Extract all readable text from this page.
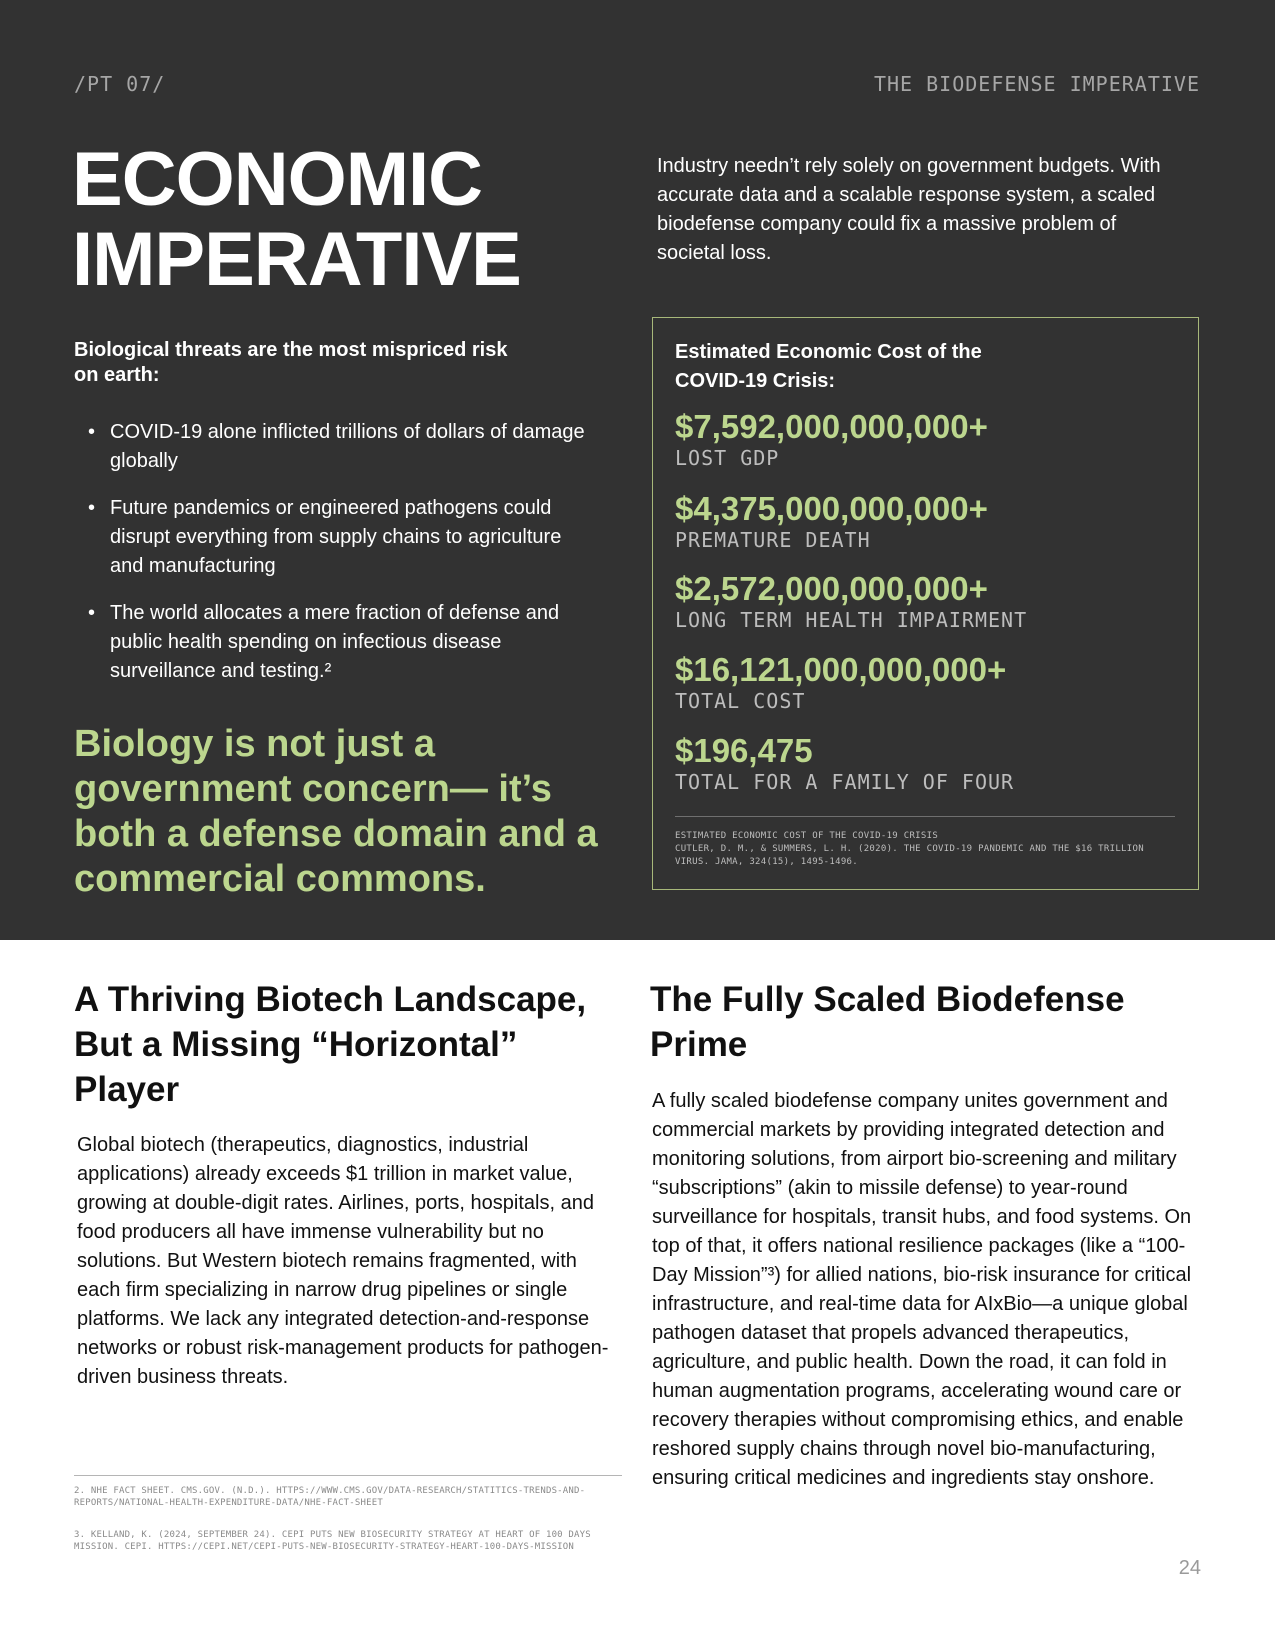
/PT 07/	THE BIODEFENSE IMPERATIVE
ECONOMIC
IMPERATIVE

Industry needn’t rely solely on government budgets. With accurate data and a scalable response system, a scaled biodefense company could fix a massive problem of societal loss.

Biological threats are the most mispriced risk on earth:

• COVID-19 alone inflicted trillions of dollars of damage globally
• Future pandemics or engineered pathogens could disrupt everything from supply chains to agriculture and manufacturing
• The world allocates a mere fraction of defense and public health spending on infectious disease surveillance and testing.²

Biology is not just a government concern— it’s both a defense domain and a commercial commons.

Estimated Economic Cost of the COVID-19 Crisis:

$7,592,000,000,000+
LOST GDP
$4,375,000,000,000+
PREMATURE DEATH
$2,572,000,000,000+
LONG TERM HEALTH IMPAIRMENT
$16,121,000,000,000+
TOTAL COST
$196,475
TOTAL FOR A FAMILY OF FOUR

ESTIMATED ECONOMIC COST OF THE COVID-19 CRISIS
CUTLER, D. M., & SUMMERS, L. H. (2020). THE COVID-19 PANDEMIC AND THE $16 TRILLION VIRUS. JAMA, 324(15), 1495-1496.

A Thriving Biotech Landscape, But a Missing “Horizontal” Player

Global biotech (therapeutics, diagnostics, industrial applications) already exceeds $1 trillion in market value, growing at double-digit rates. Airlines, ports, hospitals, and food producers all have immense vulnerability but no solutions. But Western biotech remains fragmented, with each firm specializing in narrow drug pipelines or single platforms. We lack any integrated detection-and-response networks or robust risk-management products for pathogen-driven business threats.

The Fully Scaled Biodefense Prime

A fully scaled biodefense company unites government and commercial markets by providing integrated detection and monitoring solutions, from airport bio-screening and military “subscriptions” (akin to missile defense) to year-round surveillance for hospitals, transit hubs, and food systems. On top of that, it offers national resilience packages (like a “100-Day Mission”³) for allied nations, bio-risk insurance for critical infrastructure, and real-time data for AIxBio—a unique global pathogen dataset that propels advanced therapeutics, agriculture, and public health. Down the road, it can fold in human augmentation programs, accelerating wound care or recovery therapies without compromising ethics, and enable reshored supply chains through novel bio-manufacturing, ensuring critical medicines and ingredients stay onshore.

2. NHE FACT SHEET. CMS.GOV. (N.D.). HTTPS://WWW.CMS.GOV/DATA-RESEARCH/STATITICS-TRENDS-AND-REPORTS/NATIONAL-HEALTH-EXPENDITURE-DATA/NHE-FACT-SHEET

3. KELLAND, K. (2024, SEPTEMBER 24). CEPI PUTS NEW BIOSECURITY STRATEGY AT HEART OF 100 DAYS MISSION. CEPI. HTTPS://CEPI.NET/CEPI-PUTS-NEW-BIOSECURITY-STRATEGY-HEART-100-DAYS-MISSION

24
